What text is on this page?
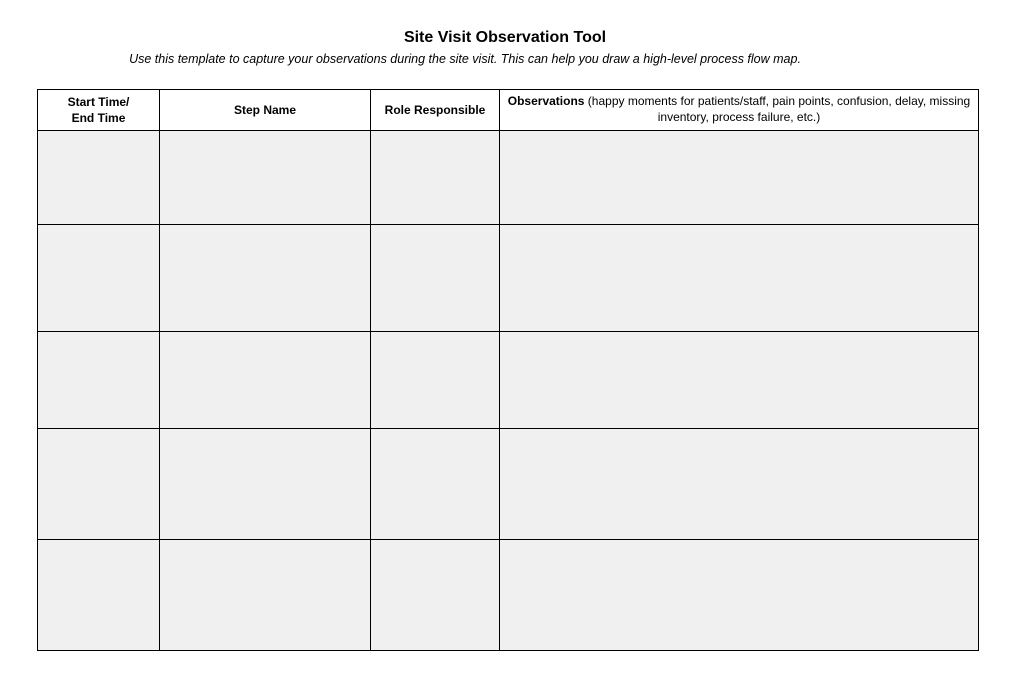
Site Visit Observation Tool
Use this template to capture your observations during the site visit. This can help you draw a high-level process flow map.
Start Time/
End Time	Step Name	Role Responsible	Observations (happy moments for patients/staff, pain points, confusion, delay, missing inventory, process failure, etc.)
